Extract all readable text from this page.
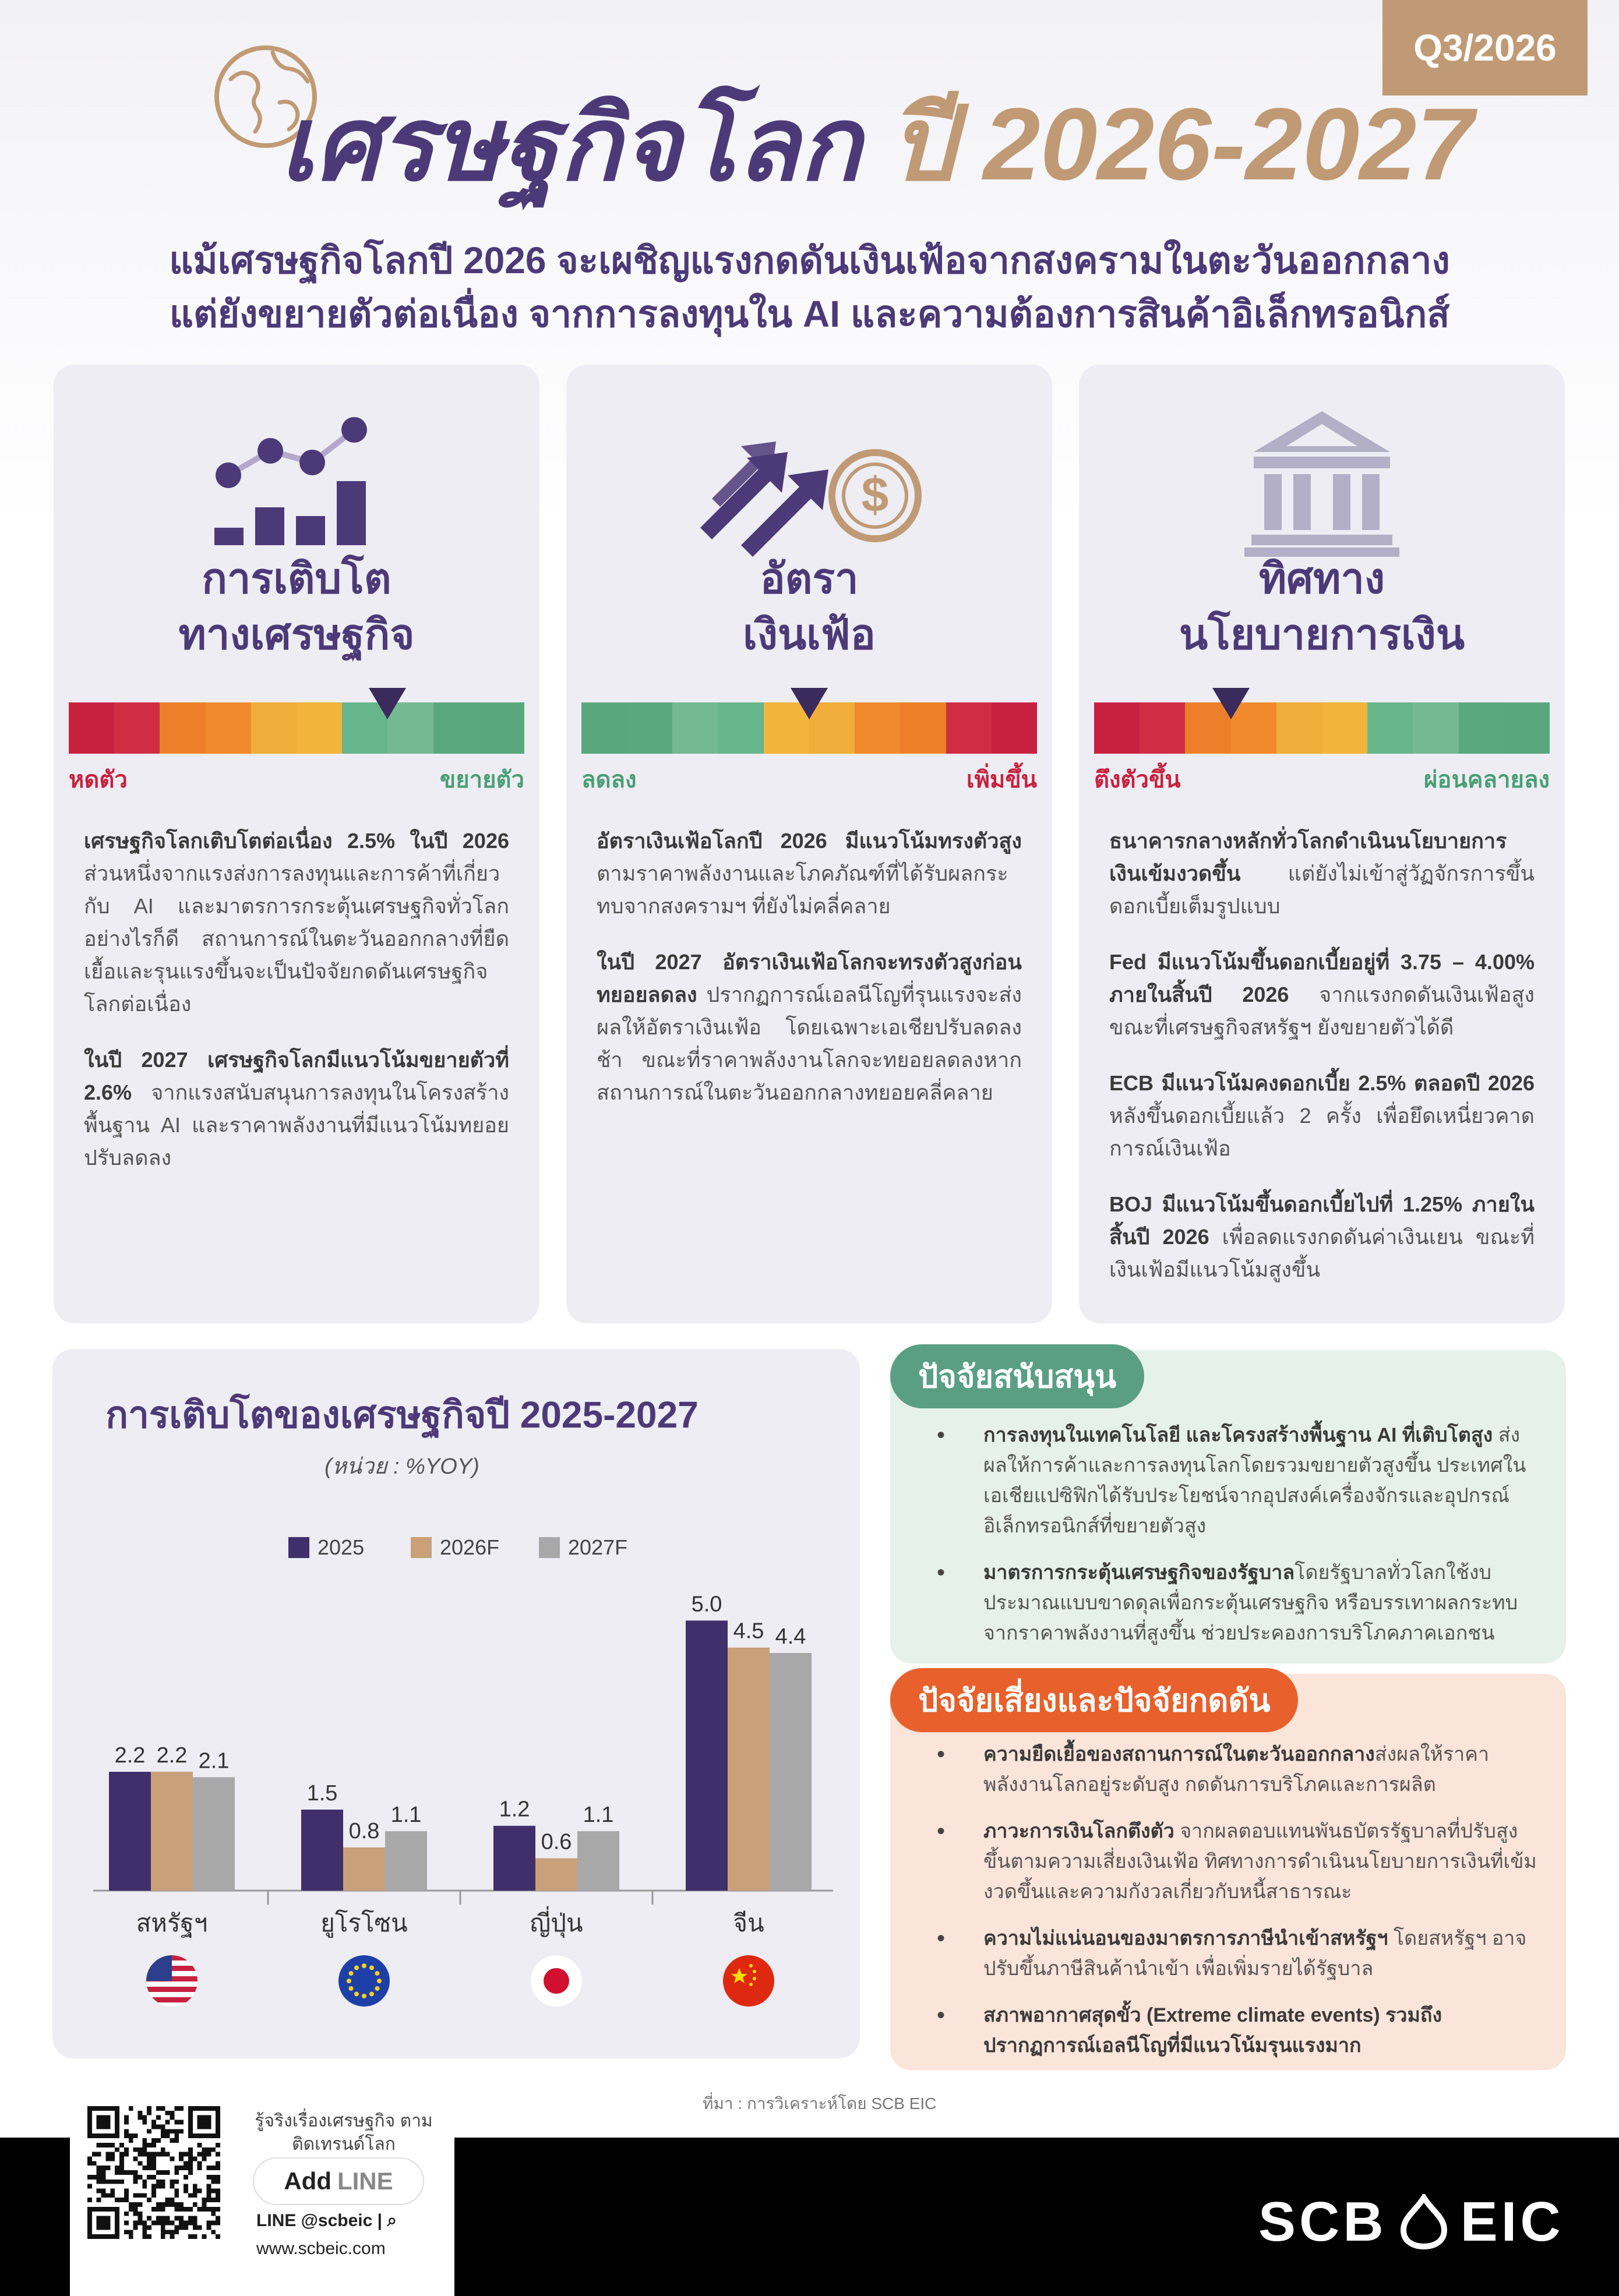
Q3/2026
เศรษฐกิจโลก ปี 2026-2027
แม้เศรษฐกิจโลกปี 2026 จะเผชิญแรงกดดันเงินเฟ้อจากสงครามในตะวันออกกลาง
แต่ยังขยายตัวต่อเนื่อง จากการลงทุนใน AI และความต้องการสินค้าอิเล็กทรอนิกส์
การเติบโต
ทางเศรษฐกิจ
หดตัว	ขยายตัว

เศรษฐกิจโลกเติบโตต่อเนื่อง 2.5% ในปี 2026 ส่วนหนึ่งจากแรงส่งการลงทุนและการค้าที่เกี่ยวกับ AI และมาตรการกระตุ้นเศรษฐกิจทั่วโลก อย่างไรก็ดี สถานการณ์ในตะวันออกกลางที่ยืดเยื้อและรุนแรงขึ้นจะเป็นปัจจัยกดดันเศรษฐกิจโลกต่อเนื่อง

ในปี 2027 เศรษฐกิจโลกมีแนวโน้มขยายตัวที่ 2.6% จากแรงสนับสนุนการลงทุนในโครงสร้างพื้นฐาน AI และราคาพลังงานที่มีแนวโน้มทยอยปรับลดลง

$
อัตรา
เงินเฟ้อ
ลดลง	เพิ่มขึ้น

อัตราเงินเฟ้อโลกปี 2026 มีแนวโน้มทรงตัวสูง ตามราคาพลังงานและโภคภัณฑ์ที่ได้รับผลกระทบจากสงครามฯ ที่ยังไม่คลี่คลาย

ในปี 2027 อัตราเงินเฟ้อโลกจะทรงตัวสูงก่อนทยอยลดลง ปรากฏการณ์เอลนีโญที่รุนแรงจะส่งผลให้อัตราเงินเฟ้อ โดยเฉพาะเอเชียปรับลดลงช้า ขณะที่ราคาพลังงานโลกจะทยอยลดลงหากสถานการณ์ในตะวันออกกลางทยอยคลี่คลาย

ทิศทาง
นโยบายการเงิน
ตึงตัวขึ้น	ผ่อนคลายลง

ธนาคารกลางหลักทั่วโลกดำเนินนโยบายการเงินเข้มงวดขึ้น แต่ยังไม่เข้าสู่วัฏจักรการขึ้นดอกเบี้ยเต็มรูปแบบ

Fed มีแนวโน้มขึ้นดอกเบี้ยอยู่ที่ 3.75 – 4.00% ภายในสิ้นปี 2026 จากแรงกดดันเงินเฟ้อสูง ขณะที่เศรษฐกิจสหรัฐฯ ยังขยายตัวได้ดี

ECB มีแนวโน้มคงดอกเบี้ย 2.5% ตลอดปี 2026 หลังขึ้นดอกเบี้ยแล้ว 2 ครั้ง เพื่อยึดเหนี่ยวคาดการณ์เงินเฟ้อ

BOJ มีแนวโน้มขึ้นดอกเบี้ยไปที่ 1.25% ภายในสิ้นปี 2026 เพื่อลดแรงกดดันค่าเงินเยน ขณะที่เงินเฟ้อมีแนวโน้มสูงขึ้น

การเติบโตของเศรษฐกิจปี 2025-2027
(หน่วย : %YOY)
2025	2026F	2027F
2.2 2.2 2.1
สหรัฐฯ
1.5
0.8
1.1
ยูโรโซน
1.2
0.6
1.1
ญี่ปุ่น
5.0
4.5 4.4
จีน
ปัจจัยสนับสนุน
• การลงทุนในเทคโนโลยี และโครงสร้างพื้นฐาน AI ที่เติบโตสูง ส่งผลให้การค้าและการลงทุนโลกโดยรวมขยายตัวสูงขึ้น ประเทศในเอเชียแปซิฟิกได้รับประโยชน์จากอุปสงค์เครื่องจักรและอุปกรณ์อิเล็กทรอนิกส์ที่ขยายตัวสูง
• มาตรการกระตุ้นเศรษฐกิจของรัฐบาลโดยรัฐบาลทั่วโลกใช้งบประมาณแบบขาดดุลเพื่อกระตุ้นเศรษฐกิจ หรือบรรเทาผลกระทบจากราคาพลังงานที่สูงขึ้น ช่วยประคองการบริโภคภาคเอกชน
ปัจจัยเสี่ยงและปัจจัยกดดัน
• ความยืดเยื้อของสถานการณ์ในตะวันออกกลางส่งผลให้ราคาพลังงานโลกอยู่ระดับสูง กดดันการบริโภคและการผลิต
• ภาวะการเงินโลกตึงตัว จากผลตอบแทนพันธบัตรรัฐบาลที่ปรับสูงขึ้นตามความเสี่ยงเงินเฟ้อ ทิศทางการดำเนินนโยบายการเงินที่เข้มงวดขึ้นและความกังวลเกี่ยวกับหนี้สาธารณะ
• ความไม่แน่นอนของมาตรการภาษีนำเข้าสหรัฐฯ โดยสหรัฐฯ อาจปรับขึ้นภาษีสินค้านำเข้า เพื่อเพิ่มรายได้รัฐบาล
• สภาพอากาศสุดขั้ว (Extreme climate events) รวมถึงปรากฏการณ์เอลนีโญที่มีแนวโน้มรุนแรงมาก
ที่มา : การวิเคราะห์โดย SCB EIC
รู้จริงเรื่องเศรษฐกิจ ตามติดเทรนด์โลก
Add LINE
LINE @scbeic | ⌕
www.scbeic.com	SCB EIC
